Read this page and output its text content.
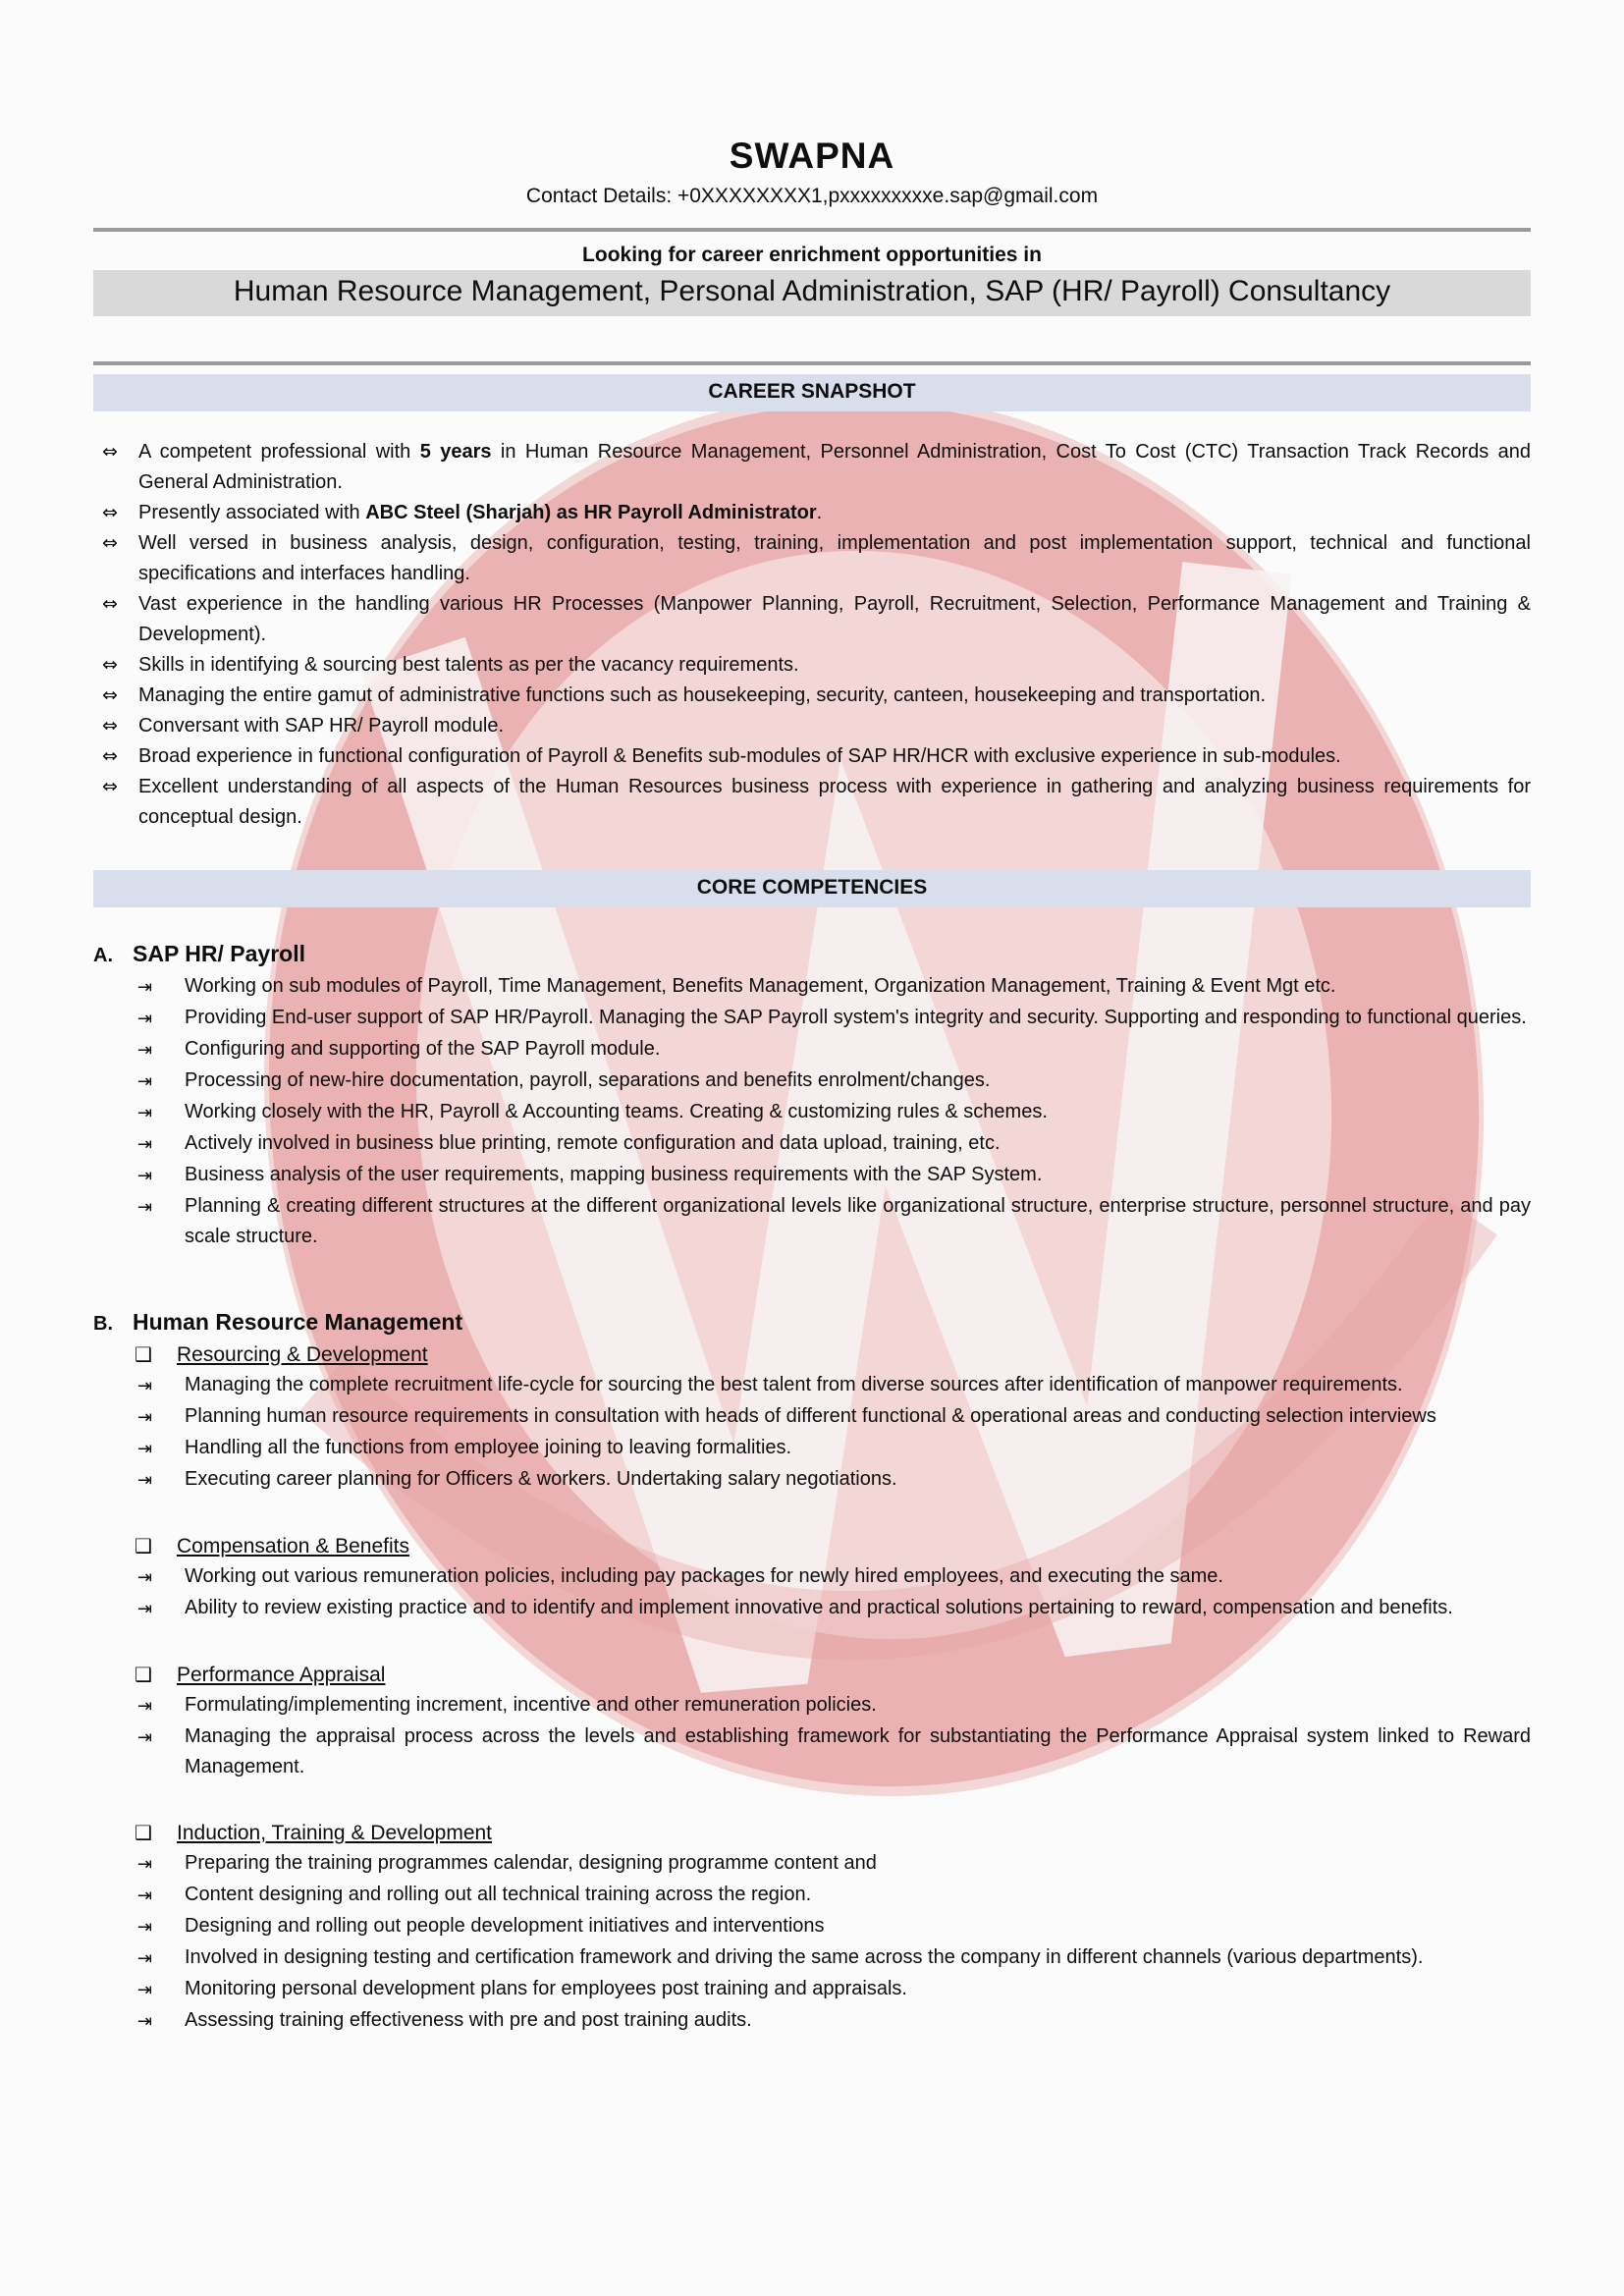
SWAPNA
Contact Details: +0XXXXXXXX1,pxxxxxxxxxe.sap@gmail.com
Looking for career enrichment opportunities in
Human Resource Management, Personal Administration, SAP (HR/ Payroll) Consultancy
CAREER SNAPSHOT
⇔	A competent professional with 5 years in Human Resource Management, Personnel Administration, Cost To Cost (CTC) Transaction Track Records and General Administration.
⇔	Presently associated with ABC Steel (Sharjah) as HR Payroll Administrator.
⇔	Well versed in business analysis, design, configuration, testing, training, implementation and post implementation support, technical and functional specifications and interfaces handling.
⇔	Vast experience in the handling various HR Processes (Manpower Planning, Payroll, Recruitment, Selection, Performance Management and Training & Development).
⇔	Skills in identifying & sourcing best talents as per the vacancy requirements.
⇔	Managing the entire gamut of administrative functions such as housekeeping, security, canteen, housekeeping and transportation.
⇔	Conversant with SAP HR/ Payroll module.
⇔	Broad experience in functional configuration of Payroll & Benefits sub-modules of SAP HR/HCR with exclusive experience in sub-modules.
⇔	Excellent understanding of all aspects of the Human Resources business process with experience in gathering and analyzing business requirements for conceptual design.
CORE COMPETENCIES
A. SAP HR/ Payroll
⇥	Working on sub modules of Payroll, Time Management, Benefits Management, Organization Management, Training & Event Mgt etc.
⇥	Providing End-user support of SAP HR/Payroll. Managing the SAP Payroll system's integrity and security. Supporting and responding to functional queries.
⇥	Configuring and supporting of the SAP Payroll module.
⇥	Processing of new-hire documentation, payroll, separations and benefits enrolment/changes.
⇥	Working closely with the HR, Payroll & Accounting teams. Creating & customizing rules & schemes.
⇥	Actively involved in business blue printing, remote configuration and data upload, training, etc.
⇥	Business analysis of the user requirements, mapping business requirements with the SAP System.
⇥	Planning & creating different structures at the different organizational levels like organizational structure, enterprise structure, personnel structure, and pay scale structure.
B. Human Resource Management
❑	Resourcing & Development
⇥	Managing the complete recruitment life-cycle for sourcing the best talent from diverse sources after identification of manpower requirements.
⇥	Planning human resource requirements in consultation with heads of different functional & operational areas and conducting selection interviews
⇥	Handling all the functions from employee joining to leaving formalities.
⇥	Executing career planning for Officers & workers. Undertaking salary negotiations.
❑	Compensation & Benefits
⇥	Working out various remuneration policies, including pay packages for newly hired employees, and executing the same.
⇥	Ability to review existing practice and to identify and implement innovative and practical solutions pertaining to reward, compensation and benefits.
❑	Performance Appraisal
⇥	Formulating/implementing increment, incentive and other remuneration policies.
⇥	Managing the appraisal process across the levels and establishing framework for substantiating the Performance Appraisal system linked to Reward Management.
❑	Induction, Training & Development
⇥	Preparing the training programmes calendar, designing programme content and
⇥	Content designing and rolling out all technical training across the region.
⇥	Designing and rolling out people development initiatives and interventions
⇥	Involved in designing testing and certification framework and driving the same across the company in different channels (various departments).
⇥	Monitoring personal development plans for employees post training and appraisals.
⇥	Assessing training effectiveness with pre and post training audits.
